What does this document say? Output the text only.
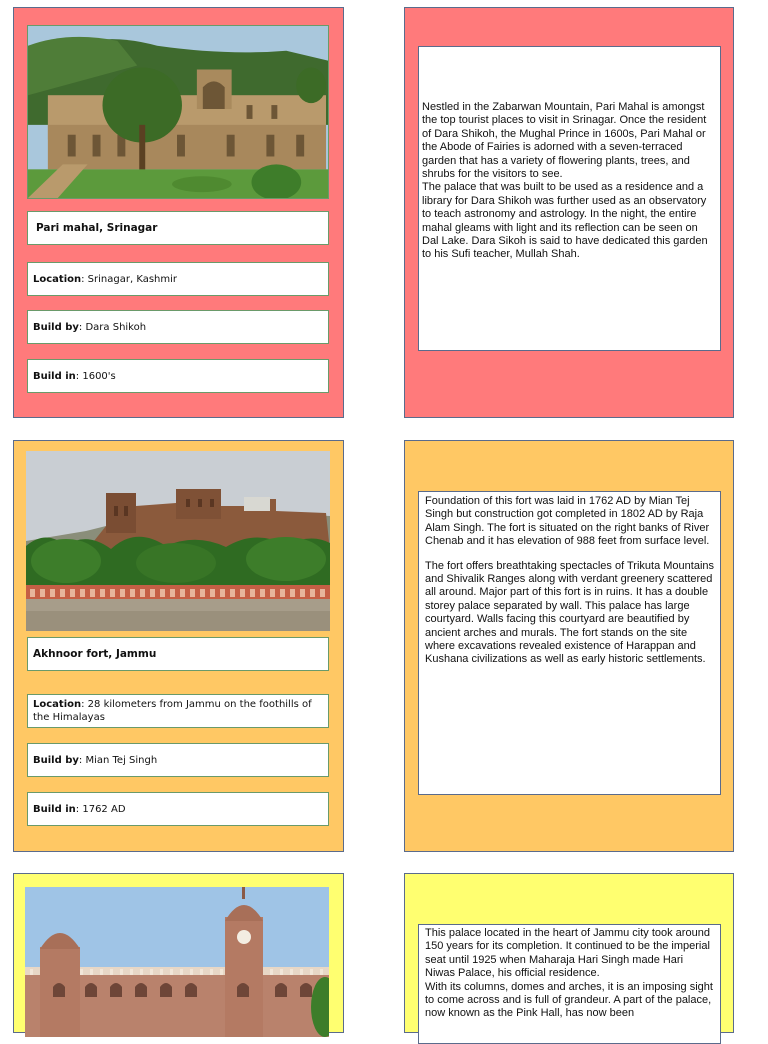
Pari mahal, Srinagar
Location: Srinagar, Kashmir
Build by: Dara Shikoh
Build in: 1600's

Nestled in the Zabarwan Mountain, Pari Mahal is amongst the top tourist places to visit in Srinagar. Once the resident of Dara Shikoh, the Mughal Prince in 1600s, Pari Mahal or the Abode of Fairies is adorned with a seven-terraced garden that has a variety of flowering plants, trees, and shrubs for the visitors to see.

The palace that was built to be used as a residence and a library for Dara Shikoh was further used as an observatory to teach astronomy and astrology. In the night, the entire mahal gleams with light and its reflection can be seen on Dal Lake. Dara Sikoh is said to have dedicated this garden to his Sufi teacher, Mullah Shah.

Akhnoor fort, Jammu
Location: 28 kilometers from Jammu on the foothills of the Himalayas
Build by: Mian Tej Singh
Build in: 1762 AD

Foundation of this fort was laid in 1762 AD by Mian Tej Singh but construction got completed in 1802 AD by Raja Alam Singh. The fort is situated on the right banks of River Chenab and it has elevation of 988 feet from surface level.

The fort offers breathtaking spectacles of Trikuta Mountains and Shivalik Ranges along with verdant greenery scattered all around. Major part of this fort is in ruins. It has a double storey palace separated by wall. This palace has large courtyard. Walls facing this courtyard are beautified by ancient arches and murals. The fort stands on the site where excavations revealed existence of Harappan and Kushana civilizations as well as early historic settlements.

This palace located in the heart of Jammu city took around 150 years for its completion. It continued to be the imperial seat until 1925 when Maharaja Hari Singh made Hari Niwas Palace, his official residence.

With its columns, domes and arches, it is an imposing sight to come across and is full of grandeur. A part of the palace, now known as the Pink Hall, has now been
